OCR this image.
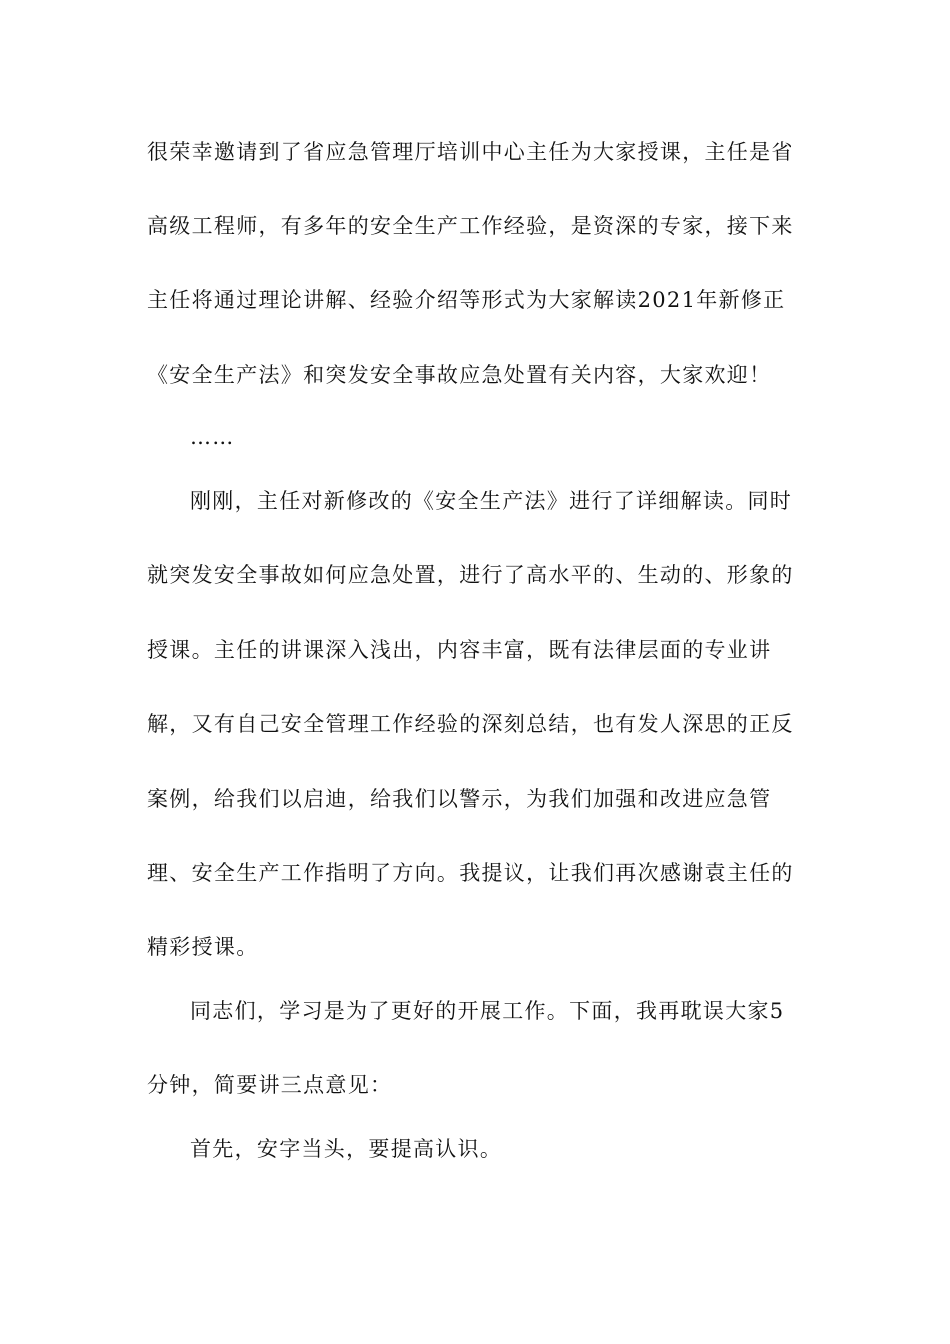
很荣幸邀请到了省应急管理厅培训中心主任为大家授课，主任是省
高级工程师，有多年的安全生产工作经验，是资深的专家，接下来
主任将通过理论讲解、经验介绍等形式为大家解读2021年新修正
《安全生产法》和突发安全事故应急处置有关内容，大家欢迎！
……
刚刚，主任对新修改的《安全生产法》进行了详细解读。同时
就突发安全事故如何应急处置，进行了高水平的、生动的、形象的
授课。主任的讲课深入浅出，内容丰富，既有法律层面的专业讲
解，又有自己安全管理工作经验的深刻总结，也有发人深思的正反
案例，给我们以启迪，给我们以警示，为我们加强和改进应急管
理、安全生产工作指明了方向。我提议，让我们再次感谢袁主任的
精彩授课。
同志们，学习是为了更好的开展工作。下面，我再耽误大家5
分钟，简要讲三点意见：
首先，安字当头，要提高认识。
